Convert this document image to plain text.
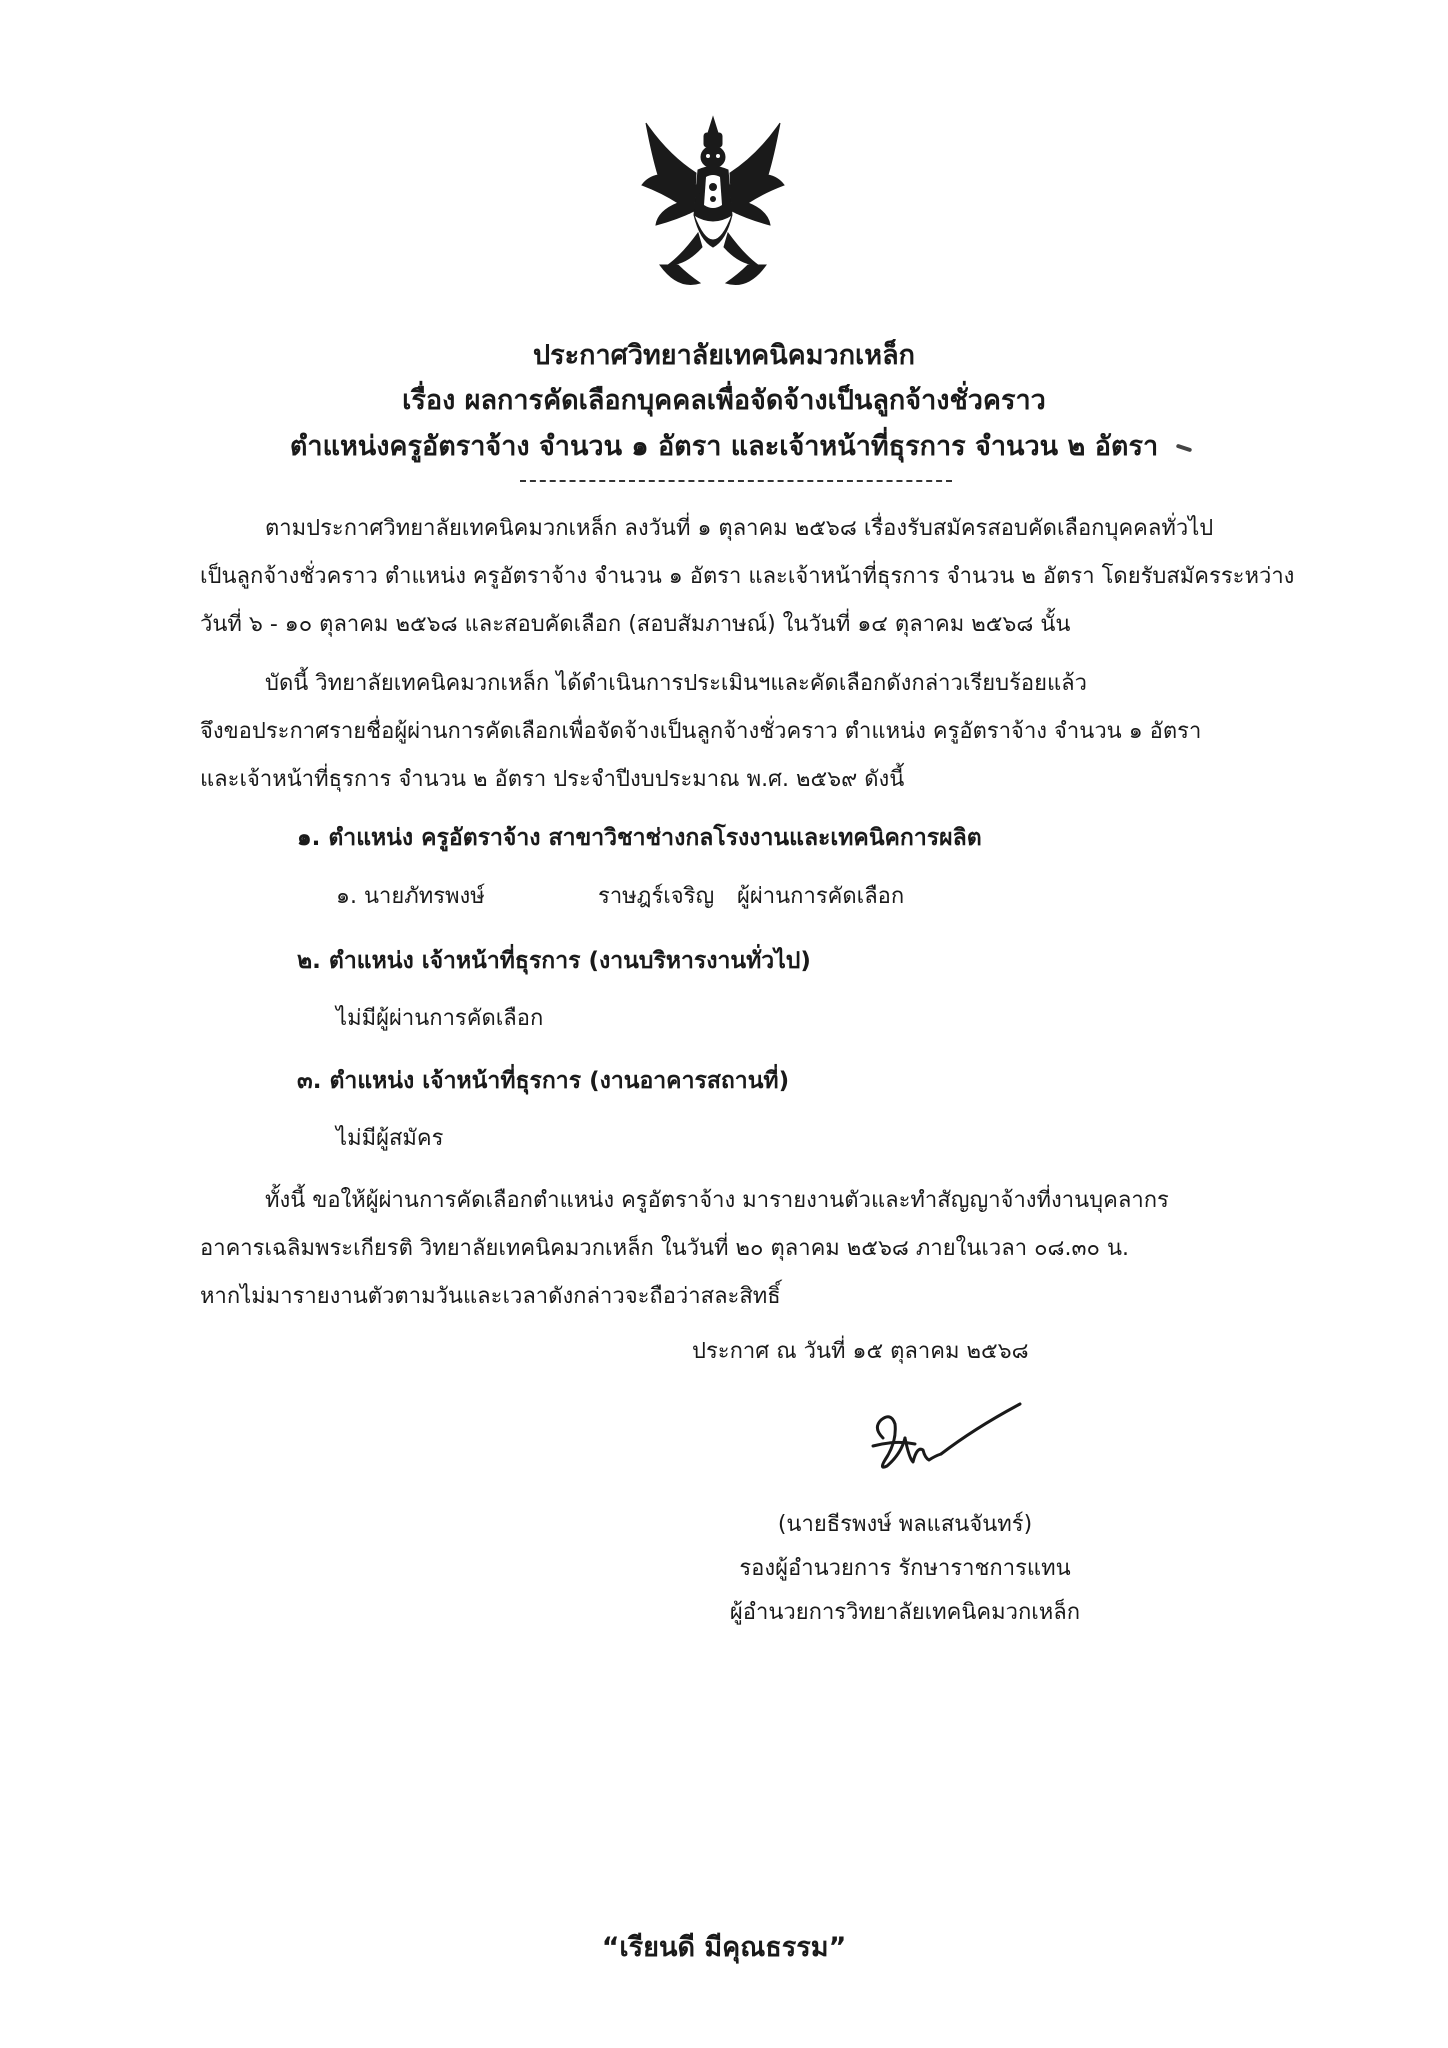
ประกาศวิทยาลัยเทคนิคมวกเหล็ก
เรื่อง ผลการคัดเลือกบุคคลเพื่อจัดจ้างเป็นลูกจ้างชั่วคราว
ตำแหน่งครูอัตราจ้าง จำนวน ๑ อัตรา และเจ้าหน้าที่ธุรการ จำนวน ๒ อัตรา
ตามประกาศวิทยาลัยเทคนิคมวกเหล็ก ลงวันที่ ๑ ตุลาคม ๒๕๖๘ เรื่องรับสมัครสอบคัดเลือกบุคคลทั่วไป
เป็นลูกจ้างชั่วคราว ตำแหน่ง ครูอัตราจ้าง จำนวน ๑ อัตรา และเจ้าหน้าที่ธุรการ จำนวน ๒ อัตรา โดยรับสมัครระหว่าง
วันที่ ๖ - ๑๐ ตุลาคม ๒๕๖๘ และสอบคัดเลือก (สอบสัมภาษณ์) ในวันที่ ๑๔ ตุลาคม ๒๕๖๘ นั้น
บัดนี้ วิทยาลัยเทคนิคมวกเหล็ก ได้ดำเนินการประเมินฯและคัดเลือกดังกล่าวเรียบร้อยแล้ว
จึงขอประกาศรายชื่อผู้ผ่านการคัดเลือกเพื่อจัดจ้างเป็นลูกจ้างชั่วคราว ตำแหน่ง ครูอัตราจ้าง จำนวน ๑ อัตรา
และเจ้าหน้าที่ธุรการ จำนวน ๒ อัตรา ประจำปีงบประมาณ พ.ศ. ๒๕๖๙ ดังนี้
๑. ตำแหน่ง ครูอัตราจ้าง สาขาวิชาช่างกลโรงงานและเทคนิคการผลิต
๑. นายภัทรพงษ์	ราษฎร์เจริญ ผู้ผ่านการคัดเลือก
๒. ตำแหน่ง เจ้าหน้าที่ธุรการ (งานบริหารงานทั่วไป)
ไม่มีผู้ผ่านการคัดเลือก
๓. ตำแหน่ง เจ้าหน้าที่ธุรการ (งานอาคารสถานที่)
ไม่มีผู้สมัคร
ทั้งนี้ ขอให้ผู้ผ่านการคัดเลือกตำแหน่ง ครูอัตราจ้าง มารายงานตัวและทำสัญญาจ้างที่งานบุคลากร
อาคารเฉลิมพระเกียรติ วิทยาลัยเทคนิคมวกเหล็ก ในวันที่ ๒๐ ตุลาคม ๒๕๖๘ ภายในเวลา ๐๘.๓๐ น.
หากไม่มารายงานตัวตามวันและเวลาดังกล่าวจะถือว่าสละสิทธิ์
ประกาศ ณ วันที่ ๑๕ ตุลาคม ๒๕๖๘
(นายธีรพงษ์ พลแสนจันทร์)
รองผู้อำนวยการ รักษาราชการแทน
ผู้อำนวยการวิทยาลัยเทคนิคมวกเหล็ก
“เรียนดี มีคุณธรรม”
